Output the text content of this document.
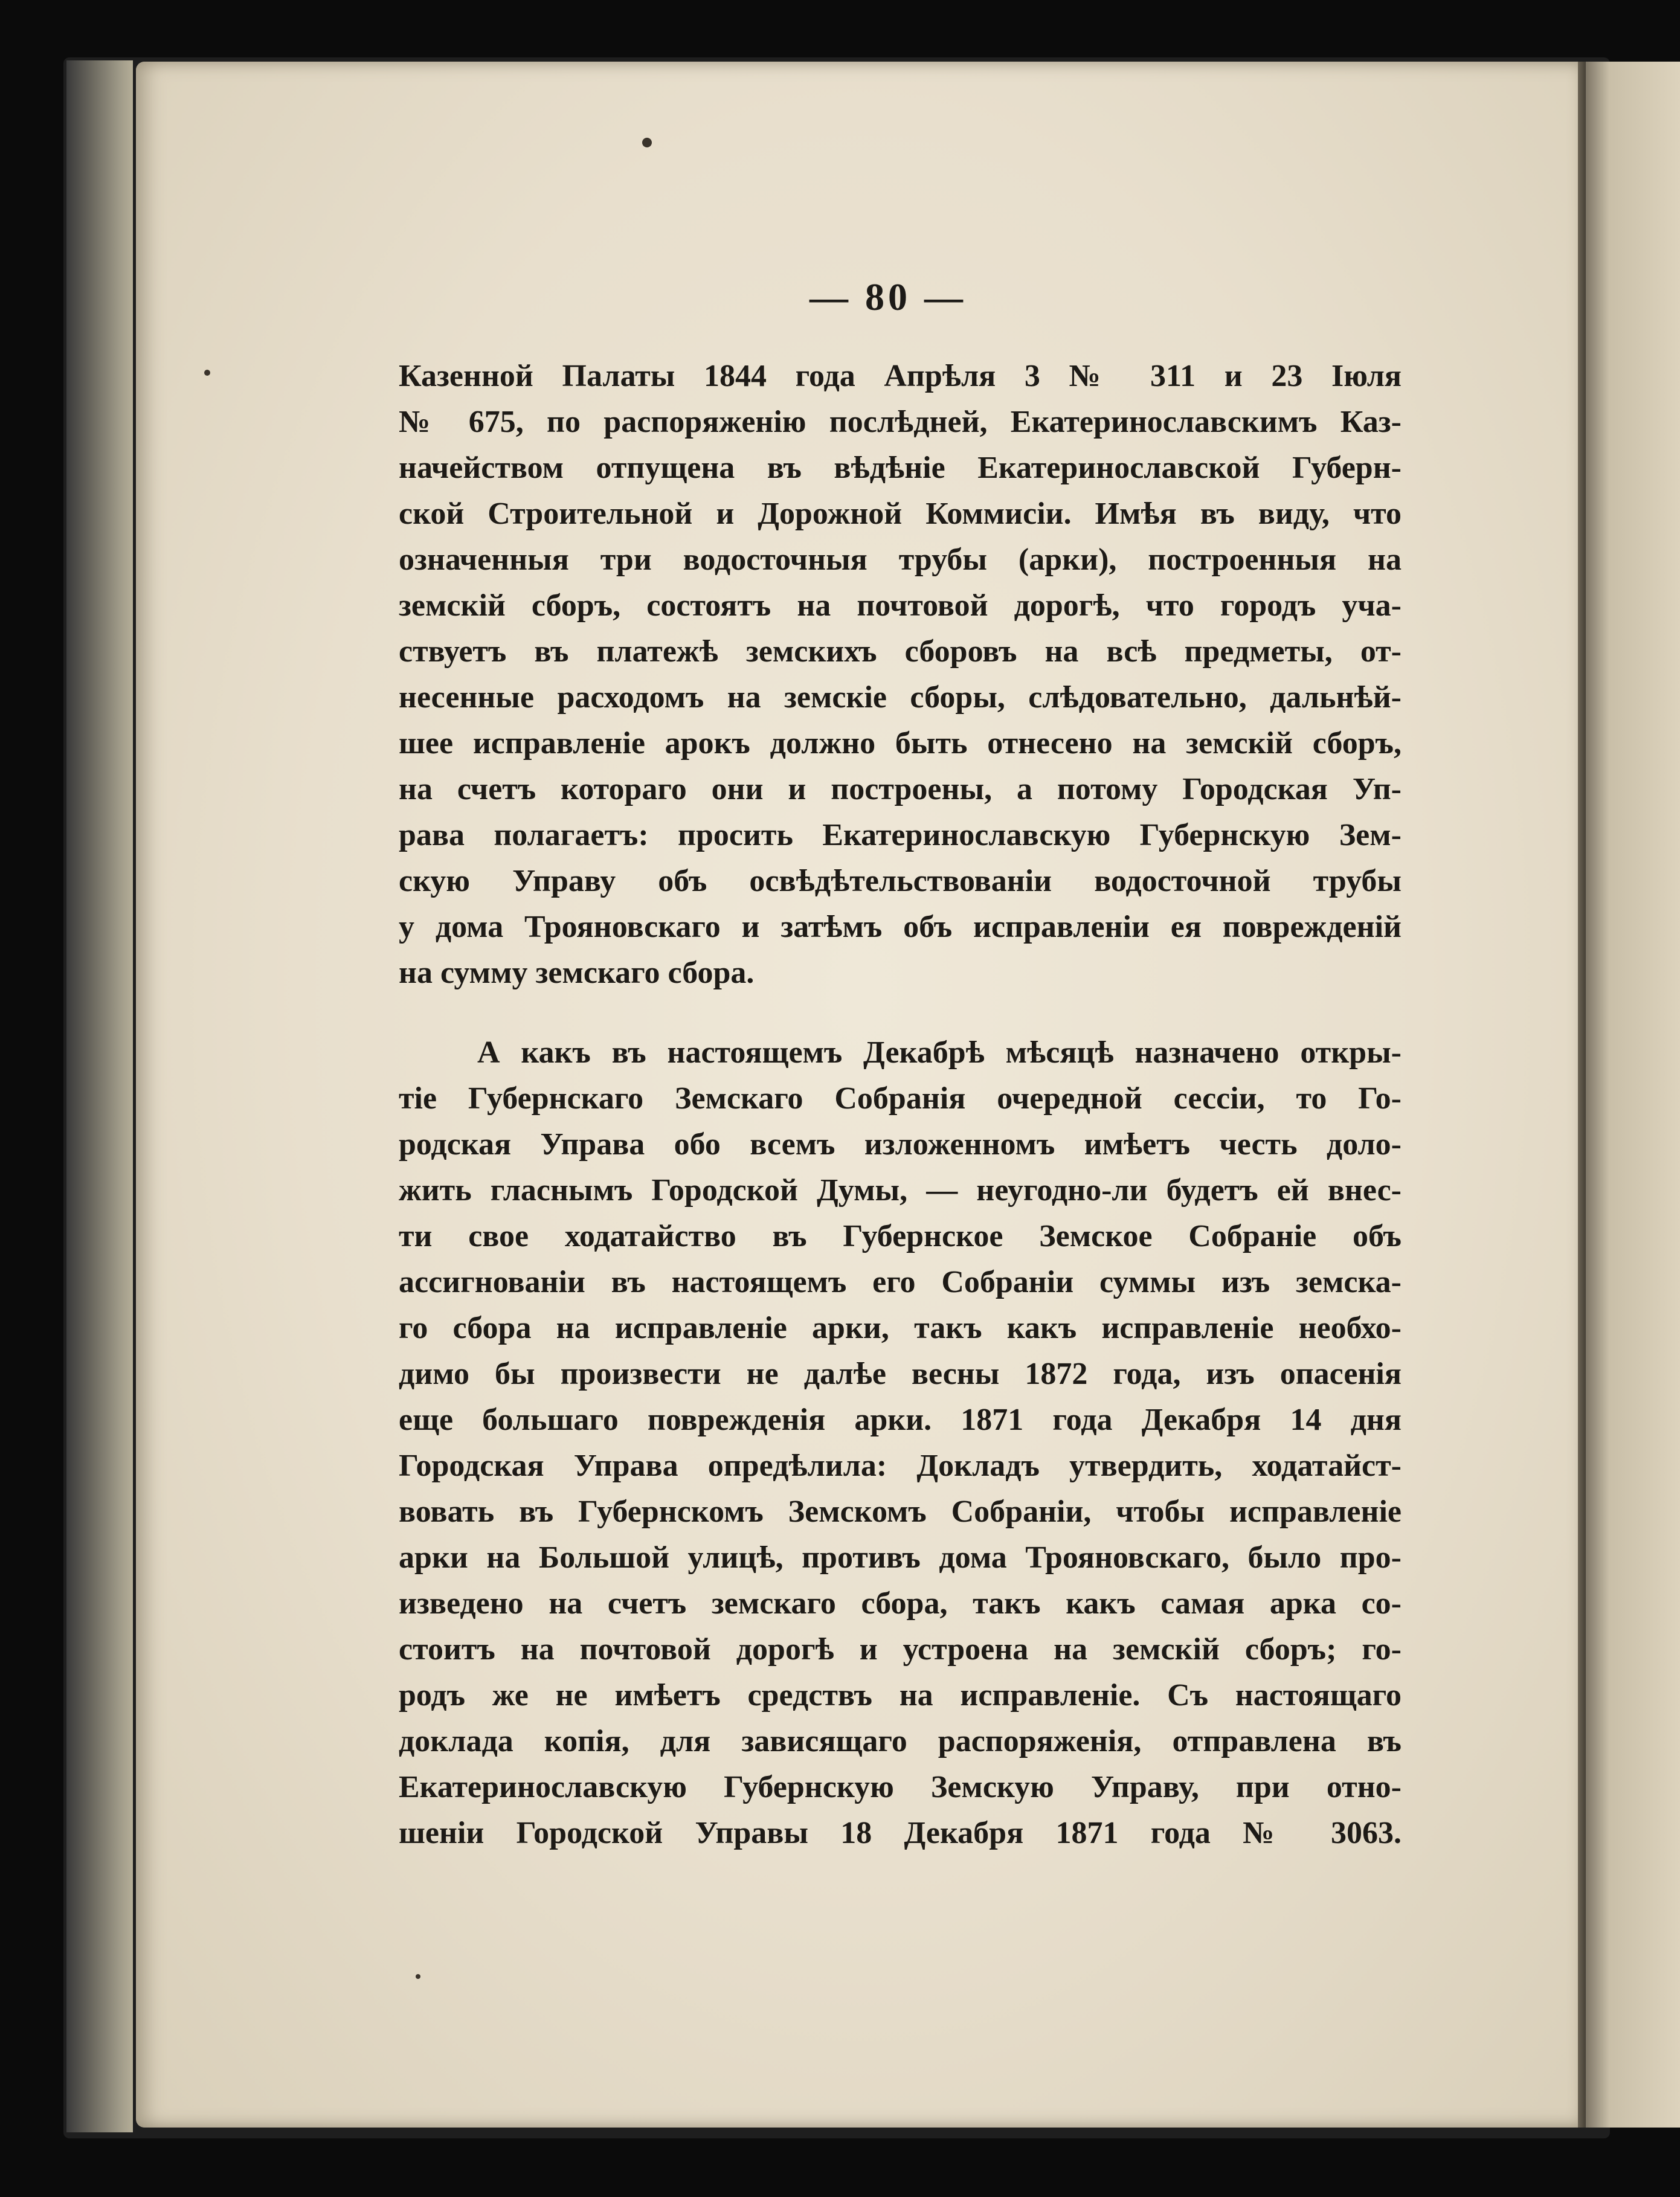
— 80 —
Казенной Палаты 1844 года Апрѣля 3 № 311 и 23 Іюля
№ 675, по распоряженію послѣдней, Екатеринославскимъ Каз-
начейством отпущена въ вѣдѣніе Екатеринославской Губерн-
ской Строительной и Дорожной Коммисіи. Имѣя въ виду, что
означенныя три водосточныя трубы (арки), построенныя на
земскій сборъ, состоятъ на почтовой дорогѣ, что городъ уча-
ствуетъ въ платежѣ земскихъ сборовъ на всѣ предметы, от-
несенные расходомъ на земскіе сборы, слѣдовательно, дальнѣй-
шее исправленіе арокъ должно быть отнесено на земскій сборъ,
на счетъ котораго они и построены, а потому Городская Уп-
рава полагаетъ: просить Екатеринославскую Губернскую Зем-
скую Управу объ освѣдѣтельствованіи водосточной трубы
у дома Трояновскаго и затѣмъ объ исправленіи ея поврежденій
на сумму земскаго сбора.
А какъ въ настоящемъ Декабрѣ мѣсяцѣ назначено откры-
тіе Губернскаго Земскаго Собранія очередной сессіи, то Го-
родская Управа обо всемъ изложенномъ имѣетъ честь доло-
жить гласнымъ Городской Думы, — неугодно-ли будетъ ей внес-
ти свое ходатайство въ Губернское Земское Собраніе объ
ассигнованіи въ настоящемъ его Собраніи суммы изъ земска-
го сбора на исправленіе арки, такъ какъ исправленіе необхо-
димо бы произвести не далѣе весны 1872 года, изъ опасенія
еще большаго поврежденія арки. 1871 года Декабря 14 дня
Городская Управа опредѣлила: Докладъ утвердить, ходатайст-
вовать въ Губернскомъ Земскомъ Собраніи, чтобы исправленіе
арки на Большой улицѣ, противъ дома Трояновскаго, было про-
изведено на счетъ земскаго сбора, такъ какъ самая арка со-
стоитъ на почтовой дорогѣ и устроена на земскій сборъ; го-
родъ же не имѣетъ средствъ на исправленіе. Съ настоящаго
доклада копія, для зависящаго распоряженія, отправлена въ
Екатеринославскую Губернскую Земскую Управу, при отно-
шеніи Городской Управы 18 Декабря 1871 года № 3063.
